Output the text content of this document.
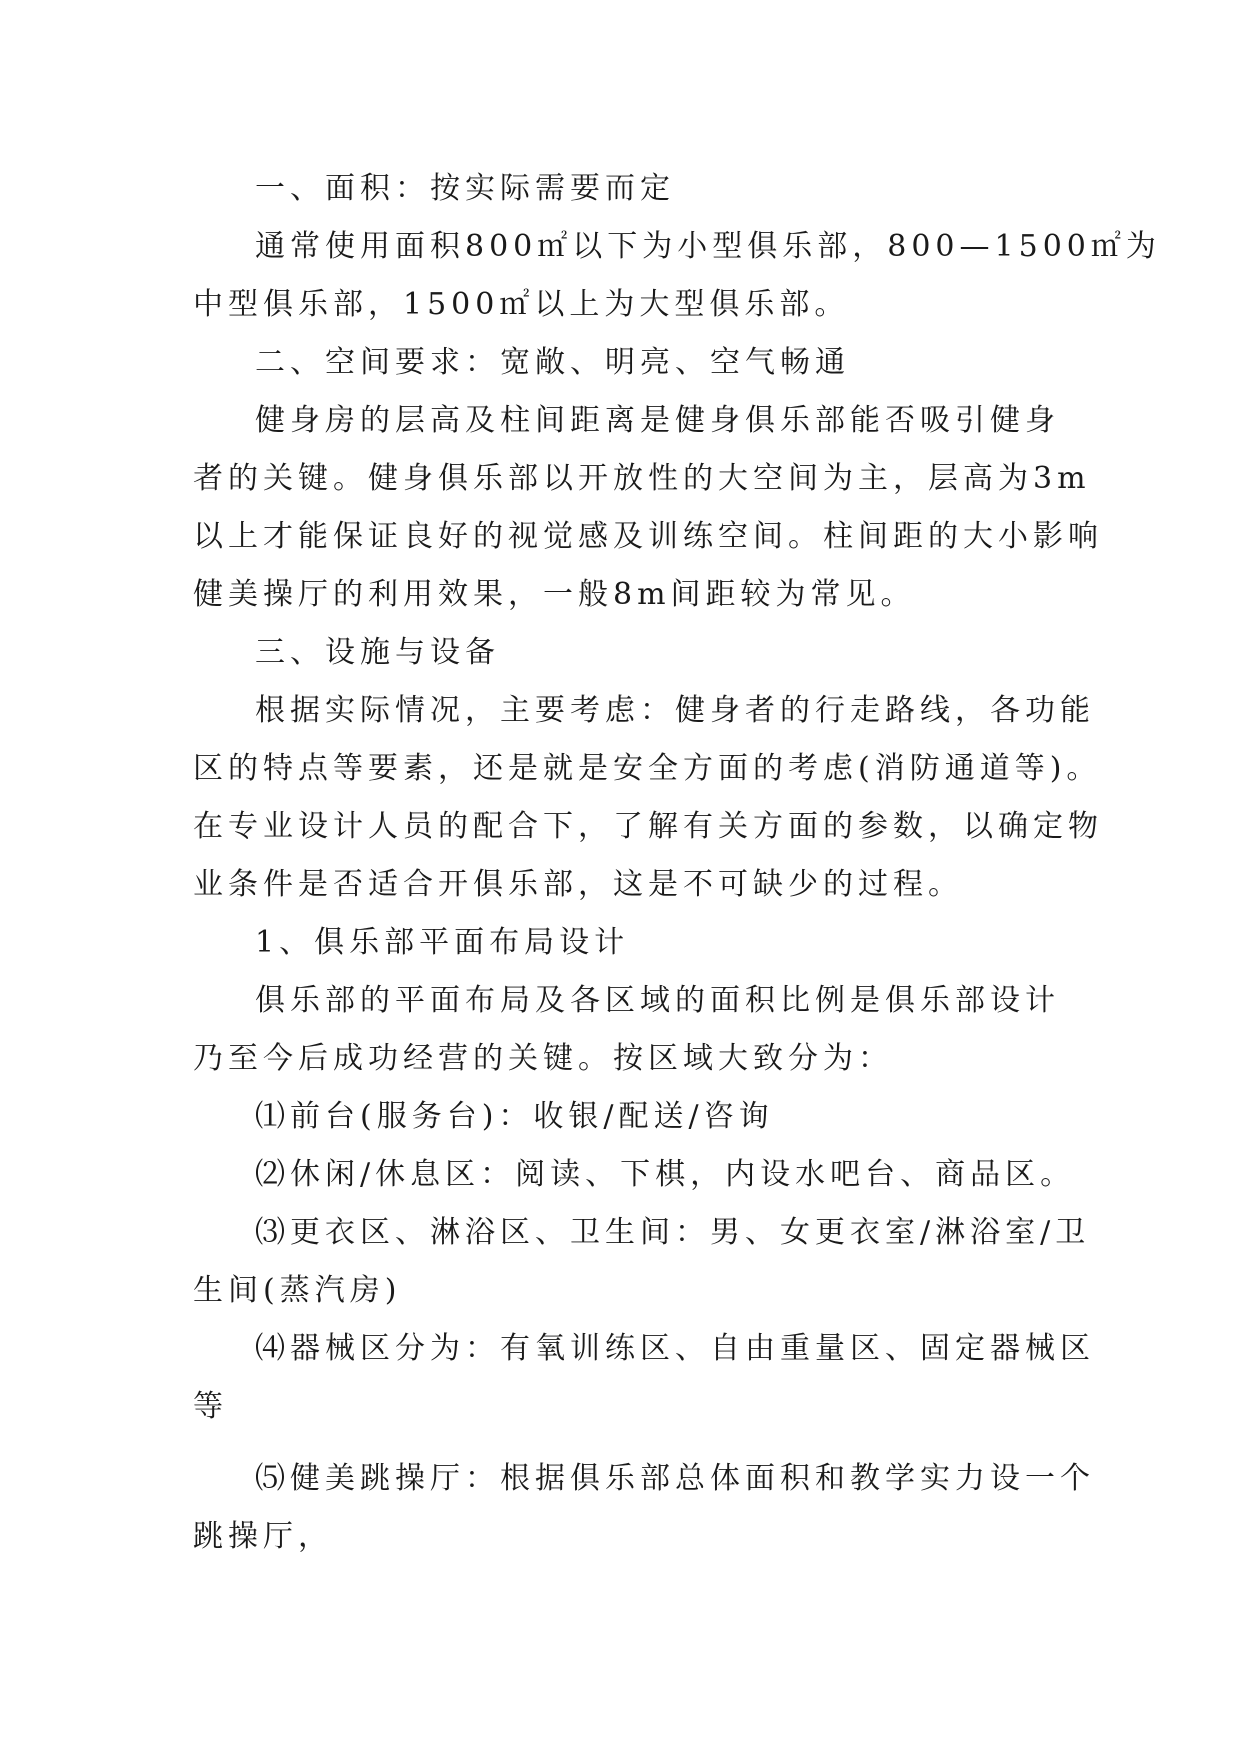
一、面积：按实际需要而定
通常使用面积800㎡以下为小型俱乐部，800—1500㎡为
中型俱乐部，1500㎡以上为大型俱乐部。
二、空间要求：宽敞、明亮、空气畅通
健身房的层高及柱间距离是健身俱乐部能否吸引健身
者的关键。健身俱乐部以开放性的大空间为主，层高为3m
以上才能保证良好的视觉感及训练空间。柱间距的大小影响
健美操厅的利用效果，一般8m间距较为常见。
三、设施与设备
根据实际情况，主要考虑：健身者的行走路线，各功能
区的特点等要素，还是就是安全方面的考虑(消防通道等)。
在专业设计人员的配合下，了解有关方面的参数，以确定物
业条件是否适合开俱乐部，这是不可缺少的过程。
1、俱乐部平面布局设计
俱乐部的平面布局及各区域的面积比例是俱乐部设计
乃至今后成功经营的关键。按区域大致分为：
⑴前台(服务台)：收银/配送/咨询
⑵休闲/休息区：阅读、下棋，内设水吧台、商品区。
⑶更衣区、淋浴区、卫生间：男、女更衣室/淋浴室/卫
生间(蒸汽房)
⑷器械区分为：有氧训练区、自由重量区、固定器械区
等
⑸健美跳操厅：根据俱乐部总体面积和教学实力设一个
跳操厅，
